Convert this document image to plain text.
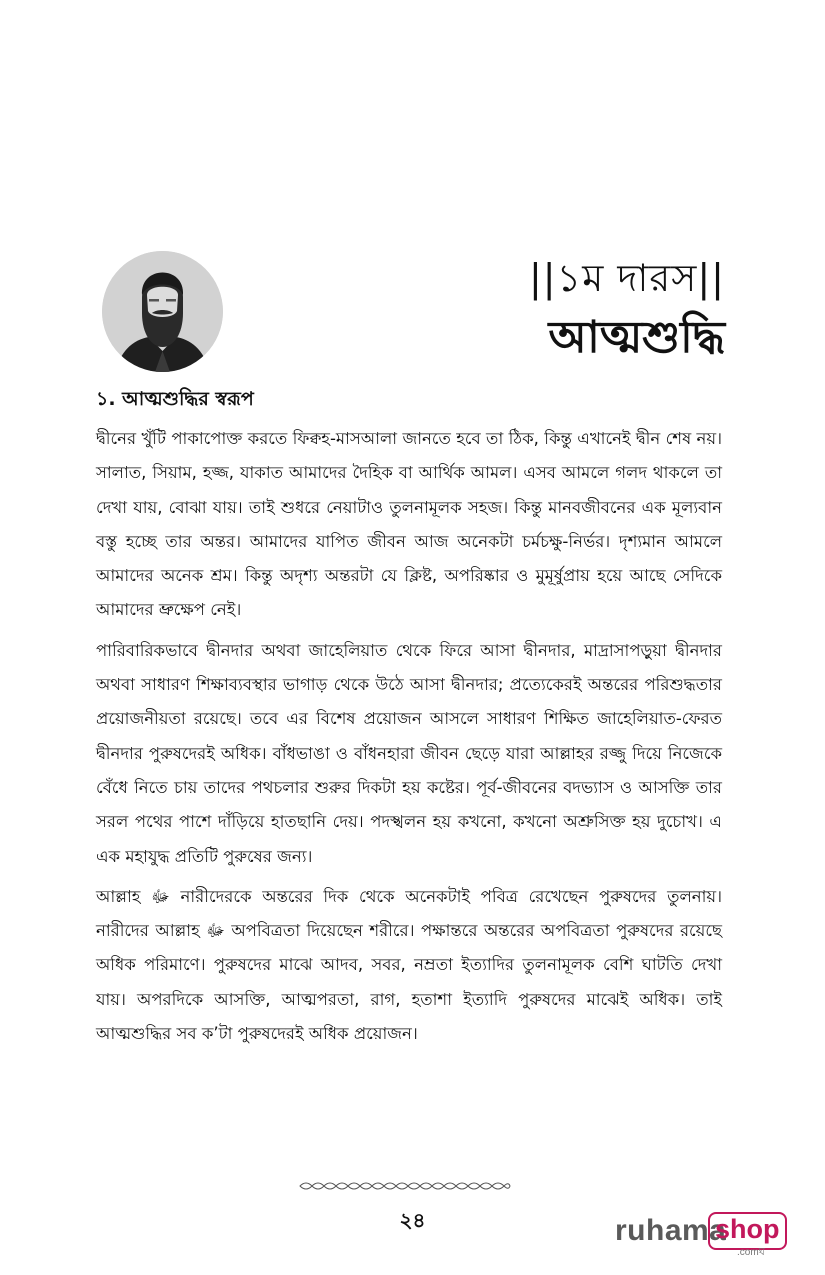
||১ম দারস||
আত্মশুদ্ধি
১. আত্মশুদ্ধির স্বরূপ

দ্বীনের খুঁটি পাকাপোক্ত করতে ফিক্বহ-মাসআলা জানতে হবে তা ঠিক, কিন্তু এখানেই দ্বীন শেষ নয়। সালাত, সিয়াম, হজ্জ, যাকাত আমাদের দৈহিক বা আর্থিক আমল। এসব আমলে গলদ থাকলে তা দেখা যায়, বোঝা যায়। তাই শুধরে নেয়াটাও তুলনামূলক সহজ। কিন্তু মানবজীবনের এক মূল্যবান বস্তু হচ্ছে তার অন্তর। আমাদের যাপিত জীবন আজ অনেকটা চর্মচক্ষু-নির্ভর। দৃশ্যমান আমলে আমাদের অনেক শ্রম। কিন্তু অদৃশ্য অন্তরটা যে ক্লিষ্ট, অপরিষ্কার ও মুমূর্ষুপ্রায় হয়ে আছে সেদিকে আমাদের ভ্রুক্ষেপ নেই।

পারিবারিকভাবে দ্বীনদার অথবা জাহেলিয়াত থেকে ফিরে আসা দ্বীনদার, মাদ্রাসাপড়ুয়া দ্বীনদার অথবা সাধারণ শিক্ষাব্যবস্থার ভাগাড় থেকে উঠে আসা দ্বীনদার; প্রত্যেকেরই অন্তরের পরিশুদ্ধতার প্রয়োজনীয়তা রয়েছে। তবে এর বিশেষ প্রয়োজন আসলে সাধারণ শিক্ষিত জাহেলিয়াত-ফেরত দ্বীনদার পুরুষদেরই অধিক। বাঁধভাঙা ও বাঁধনহারা জীবন ছেড়ে যারা আল্লাহর রজ্জু দিয়ে নিজেকে বেঁধে নিতে চায় তাদের পথচলার শুরুর দিকটা হয় কষ্টের। পূর্ব-জীবনের বদভ্যাস ও আসক্তি তার সরল পথের পাশে দাঁড়িয়ে হাতছানি দেয়। পদস্খলন হয় কখনো, কখনো অশ্রুসিক্ত হয় দুচোখ। এ এক মহাযুদ্ধ প্রতিটি পুরুষের জন্য।

আল্লাহ ﷻ নারীদেরকে অন্তরের দিক থেকে অনেকটাই পবিত্র রেখেছেন পুরুষদের তুলনায়। নারীদের আল্লাহ ﷻ অপবিত্রতা দিয়েছেন শরীরে। পক্ষান্তরে অন্তরের অপবিত্রতা পুরুষদের রয়েছে অধিক পরিমাণে। পুরুষদের মাঝে আদব, সবর, নম্রতা ইত্যাদির তুলনামূলক বেশি ঘাটতি দেখা যায়। অপরদিকে আসক্তি, আত্মপরতা, রাগ, হতাশা ইত্যাদি পুরুষদের মাঝেই অধিক। তাই আত্মশুদ্ধির সব ক’টা পুরুষদেরই অধিক প্রয়োজন।

২৪	ruhama
shop
.comঘ
